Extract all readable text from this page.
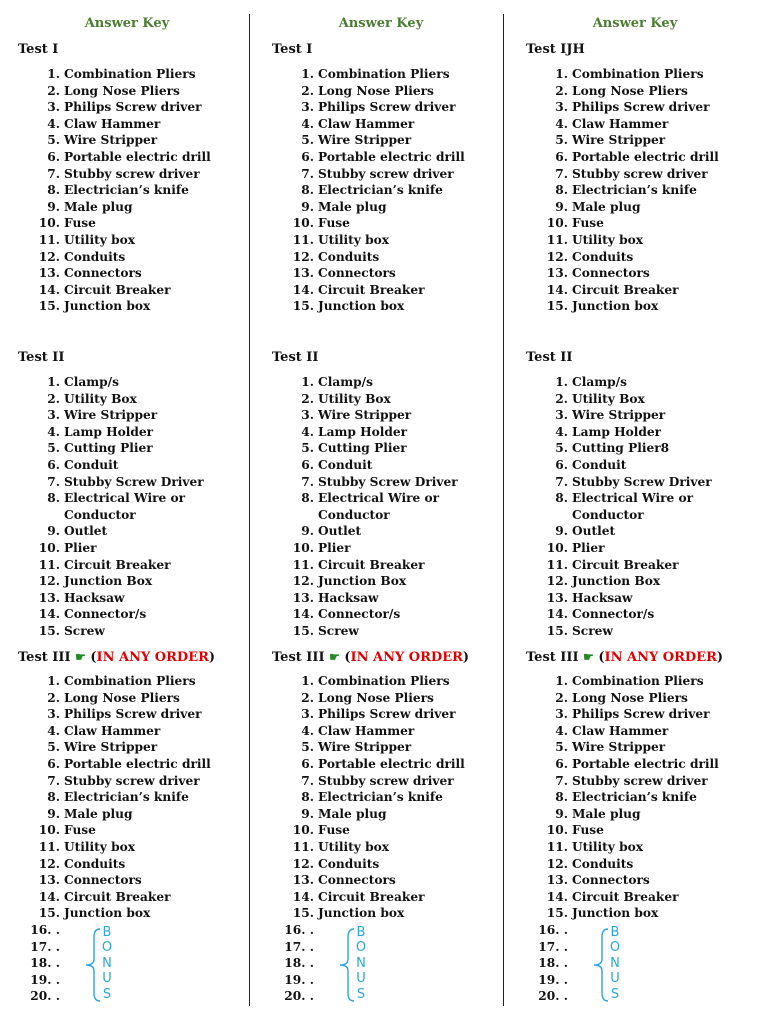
Answer Key
Test I
1. Combination Pliers
2. Long Nose Pliers
3. Philips Screw driver
4. Claw Hammer
5. Wire Stripper
6. Portable electric drill
7. Stubby screw driver
8. Electrician’s knife
9. Male plug
10. Fuse
11. Utility box
12. Conduits
13. Connectors
14. Circuit Breaker
15. Junction box
Test II
1. Clamp/s
2. Utility Box
3. Wire Stripper
4. Lamp Holder
5. Cutting Plier
6. Conduit
7. Stubby Screw Driver
8. Electrical Wire or Conductor
9. Outlet
10. Plier
11. Circuit Breaker
12. Junction Box
13. Hacksaw
14. Connector/s
15. Screw
Test III ☛ (IN ANY ORDER)
1. Combination Pliers
2. Long Nose Pliers
3. Philips Screw driver
4. Claw Hammer
5. Wire Stripper
6. Portable electric drill
7. Stubby screw driver
8. Electrician’s knife
9. Male plug
10. Fuse
11. Utility box
12. Conduits
13. Connectors
14. Circuit Breaker
15. Junction box
16. .
17. .
18. .
19. .
20. .
B
O
N
U
S
Answer Key
Test I
1. Combination Pliers
2. Long Nose Pliers
3. Philips Screw driver
4. Claw Hammer
5. Wire Stripper
6. Portable electric drill
7. Stubby screw driver
8. Electrician’s knife
9. Male plug
10. Fuse
11. Utility box
12. Conduits
13. Connectors
14. Circuit Breaker
15. Junction box
Test II
1. Clamp/s
2. Utility Box
3. Wire Stripper
4. Lamp Holder
5. Cutting Plier
6. Conduit
7. Stubby Screw Driver
8. Electrical Wire or Conductor
9. Outlet
10. Plier
11. Circuit Breaker
12. Junction Box
13. Hacksaw
14. Connector/s
15. Screw
Test III ☛ (IN ANY ORDER)
1. Combination Pliers
2. Long Nose Pliers
3. Philips Screw driver
4. Claw Hammer
5. Wire Stripper
6. Portable electric drill
7. Stubby screw driver
8. Electrician’s knife
9. Male plug
10. Fuse
11. Utility box
12. Conduits
13. Connectors
14. Circuit Breaker
15. Junction box
16. .
17. .
18. .
19. .
20. .
B
O
N
U
S
Answer Key
Test IJH
1. Combination Pliers
2. Long Nose Pliers
3. Philips Screw driver
4. Claw Hammer
5. Wire Stripper
6. Portable electric drill
7. Stubby screw driver
8. Electrician’s knife
9. Male plug
10. Fuse
11. Utility box
12. Conduits
13. Connectors
14. Circuit Breaker
15. Junction box
Test II
1. Clamp/s
2. Utility Box
3. Wire Stripper
4. Lamp Holder
5. Cutting Plier8
6. Conduit
7. Stubby Screw Driver
8. Electrical Wire or Conductor
9. Outlet
10. Plier
11. Circuit Breaker
12. Junction Box
13. Hacksaw
14. Connector/s
15. Screw
Test III ☛ (IN ANY ORDER)
1. Combination Pliers
2. Long Nose Pliers
3. Philips Screw driver
4. Claw Hammer
5. Wire Stripper
6. Portable electric drill
7. Stubby screw driver
8. Electrician’s knife
9. Male plug
10. Fuse
11. Utility box
12. Conduits
13. Connectors
14. Circuit Breaker
15. Junction box
16. .
17. .
18. .
19. .
20. .
B
O
N
U
S
